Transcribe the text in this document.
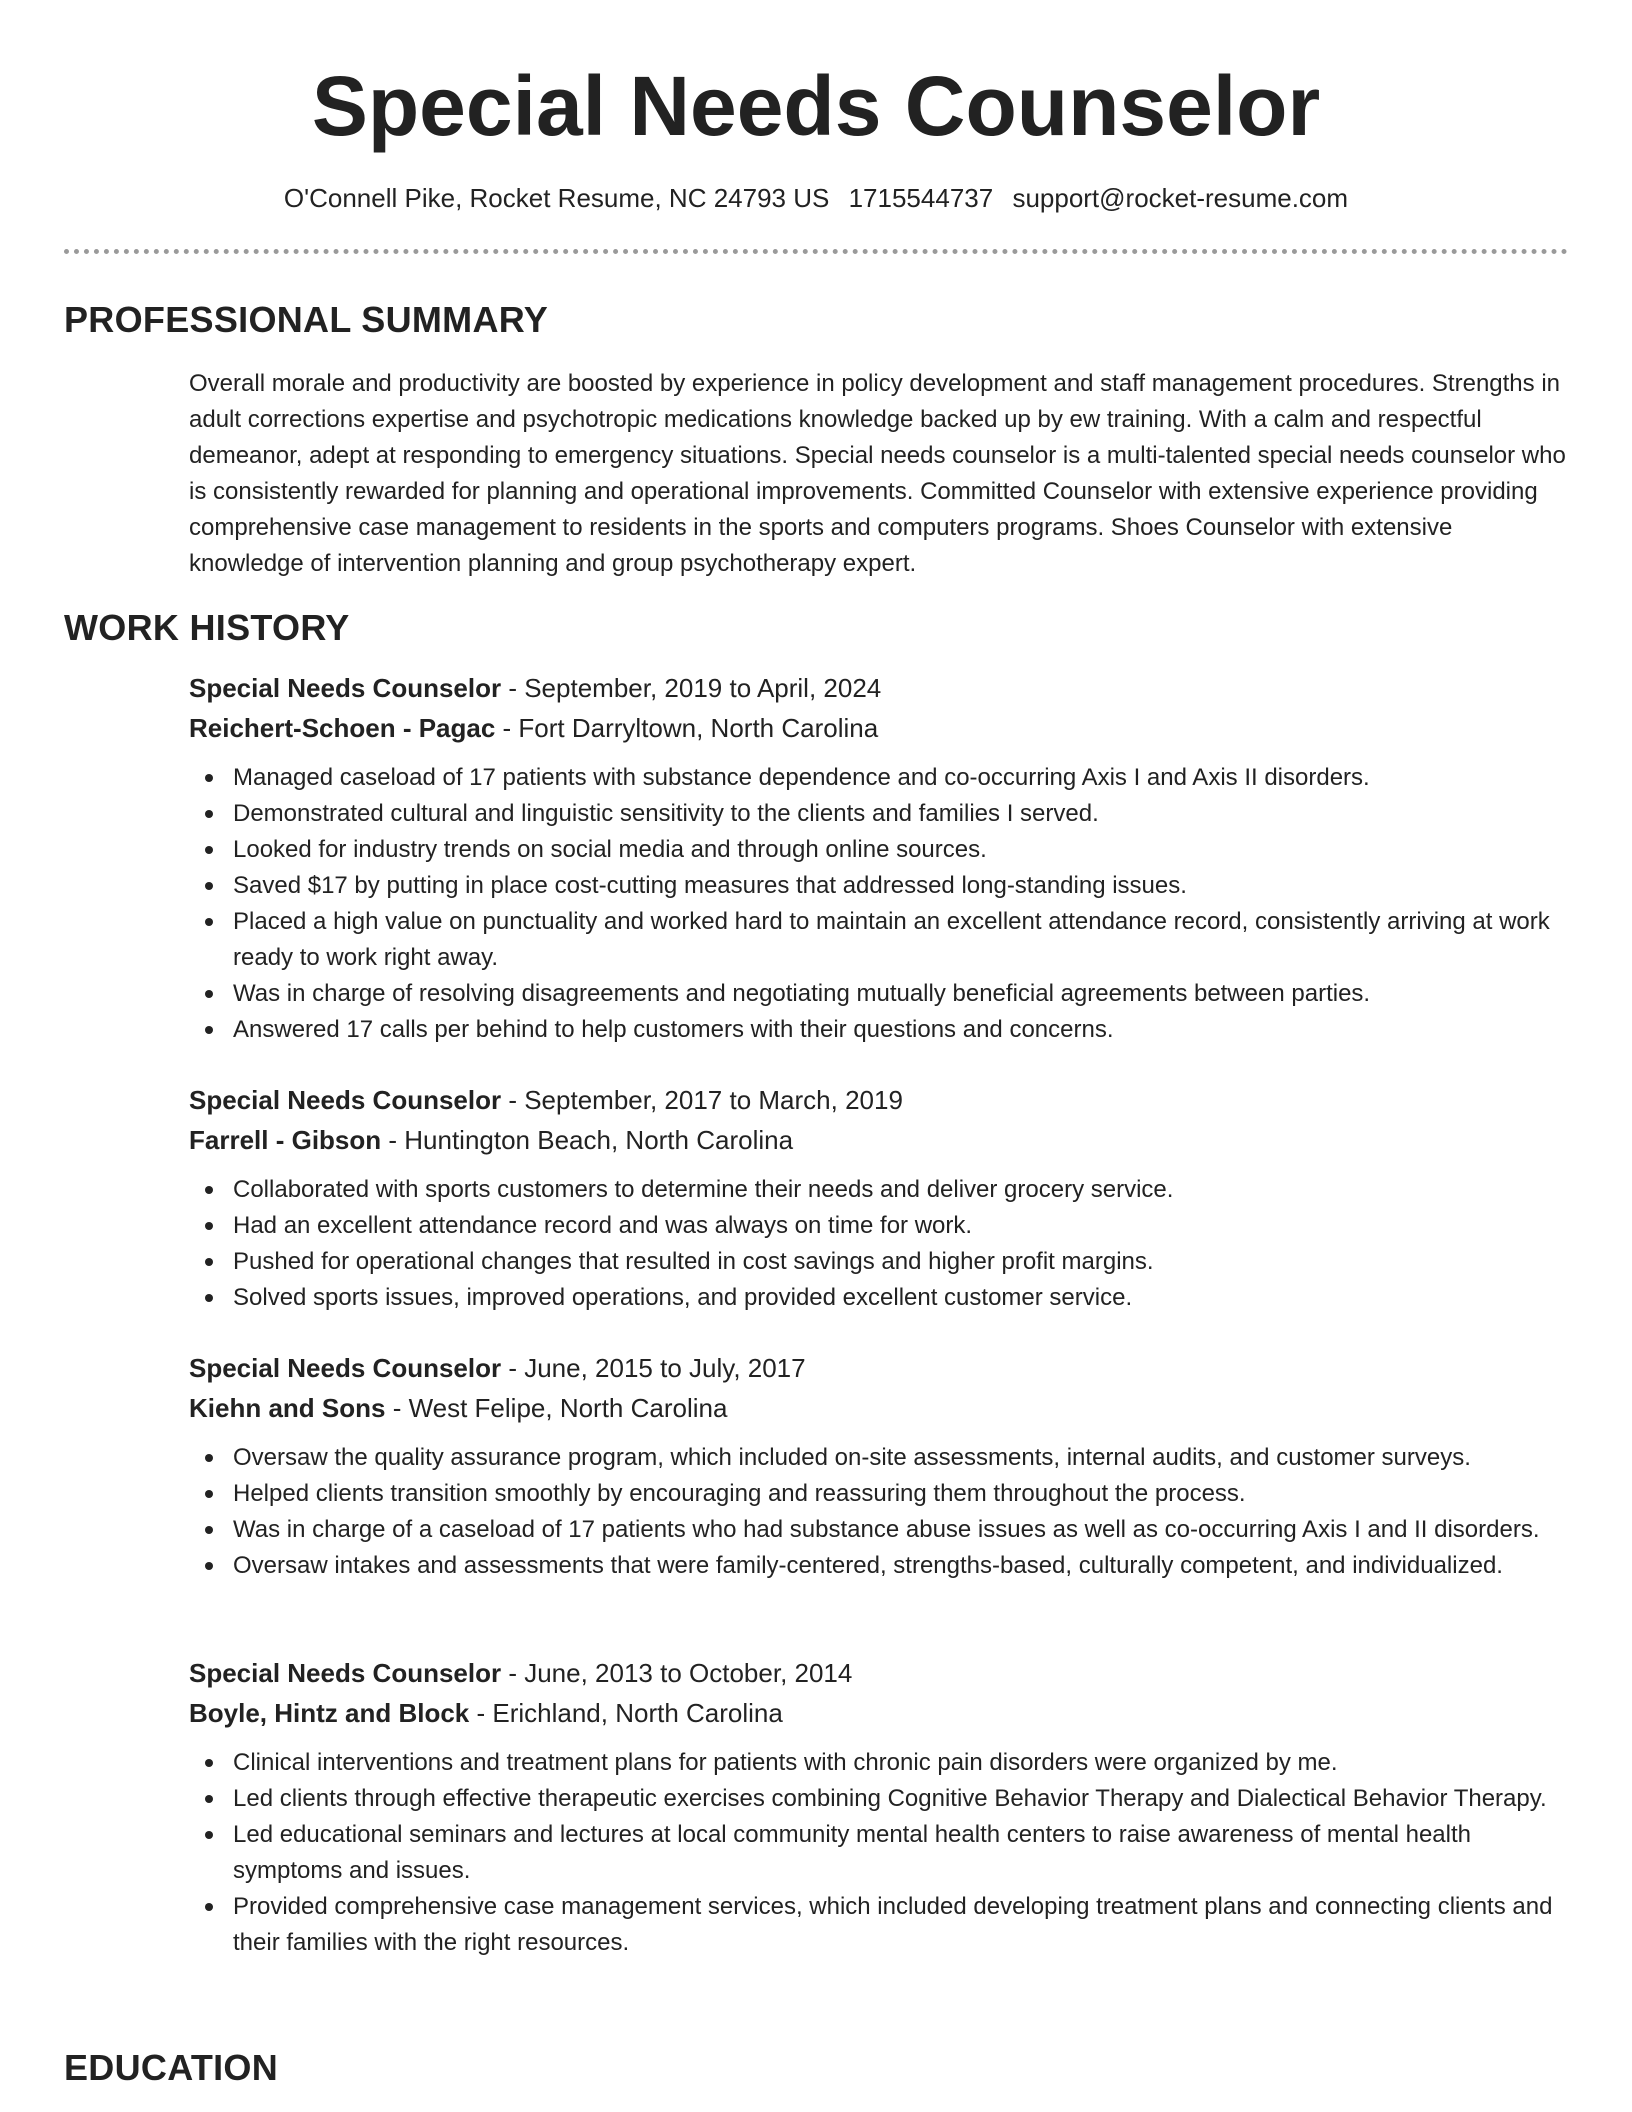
Special Needs Counselor
O'Connell Pike, Rocket Resume, NC 24793 US 1715544737 support@rocket-resume.com
PROFESSIONAL SUMMARY

Overall morale and productivity are boosted by experience in policy development and staff management procedures. Strengths in adult corrections expertise and psychotropic medications knowledge backed up by ew training. With a calm and respectful demeanor, adept at responding to emergency situations. Special needs counselor is a multi-talented special needs counselor who is consistently rewarded for planning and operational improvements. Committed Counselor with extensive experience providing comprehensive case management to residents in the sports and computers programs. Shoes Counselor with extensive knowledge of intervention planning and group psychotherapy expert.

WORK HISTORY
Special Needs Counselor - September, 2019 to April, 2024
Reichert-Schoen - Pagac - Fort Darryltown, North Carolina
Managed caseload of 17 patients with substance dependence and co-occurring Axis I and Axis II disorders.
Demonstrated cultural and linguistic sensitivity to the clients and families I served.
Looked for industry trends on social media and through online sources.
Saved $17 by putting in place cost-cutting measures that addressed long-standing issues.
Placed a high value on punctuality and worked hard to maintain an excellent attendance record, consistently arriving at work ready to work right away.
Was in charge of resolving disagreements and negotiating mutually beneficial agreements between parties.
Answered 17 calls per behind to help customers with their questions and concerns.
Special Needs Counselor - September, 2017 to March, 2019
Farrell - Gibson - Huntington Beach, North Carolina
Collaborated with sports customers to determine their needs and deliver grocery service.
Had an excellent attendance record and was always on time for work.
Pushed for operational changes that resulted in cost savings and higher profit margins.
Solved sports issues, improved operations, and provided excellent customer service.
Special Needs Counselor - June, 2015 to July, 2017
Kiehn and Sons - West Felipe, North Carolina
Oversaw the quality assurance program, which included on-site assessments, internal audits, and customer surveys.
Helped clients transition smoothly by encouraging and reassuring them throughout the process.
Was in charge of a caseload of 17 patients who had substance abuse issues as well as co-occurring Axis I and II disorders.
Oversaw intakes and assessments that were family-centered, strengths-based, culturally competent, and individualized.
Special Needs Counselor - June, 2013 to October, 2014
Boyle, Hintz and Block - Erichland, North Carolina
Clinical interventions and treatment plans for patients with chronic pain disorders were organized by me.
Led clients through effective therapeutic exercises combining Cognitive Behavior Therapy and Dialectical Behavior Therapy.
Led educational seminars and lectures at local community mental health centers to raise awareness of mental health symptoms and issues.
Provided comprehensive case management services, which included developing treatment plans and connecting clients and their families with the right resources.
EDUCATION
